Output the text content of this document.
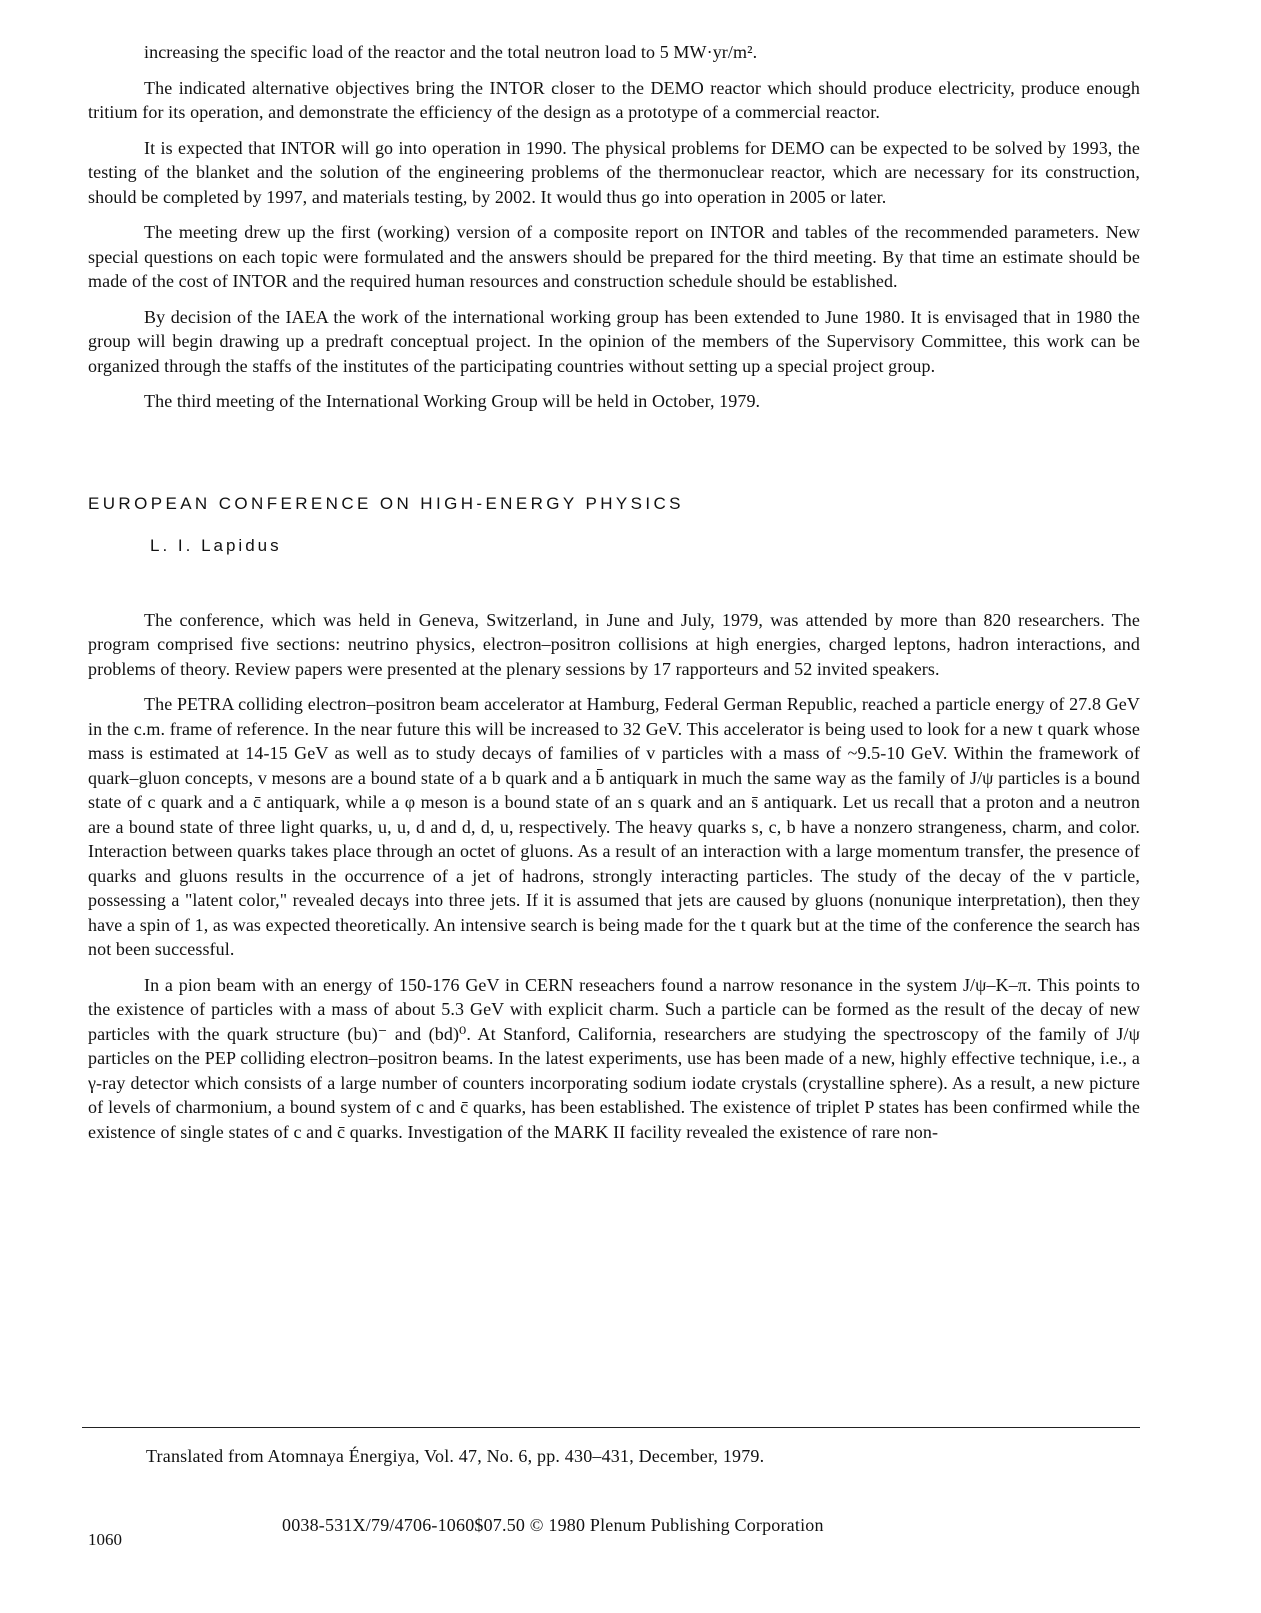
increasing the specific load of the reactor and the total neutron load to 5 MW·yr/m².

The indicated alternative objectives bring the INTOR closer to the DEMO reactor which should produce electricity, produce enough tritium for its operation, and demonstrate the efficiency of the design as a prototype of a commercial reactor.

It is expected that INTOR will go into operation in 1990. The physical problems for DEMO can be expected to be solved by 1993, the testing of the blanket and the solution of the engineering problems of the thermonuclear reactor, which are necessary for its construction, should be completed by 1997, and materials testing, by 2002. It would thus go into operation in 2005 or later.

The meeting drew up the first (working) version of a composite report on INTOR and tables of the recommended parameters. New special questions on each topic were formulated and the answers should be prepared for the third meeting. By that time an estimate should be made of the cost of INTOR and the required human resources and construction schedule should be established.

By decision of the IAEA the work of the international working group has been extended to June 1980. It is envisaged that in 1980 the group will begin drawing up a predraft conceptual project. In the opinion of the members of the Supervisory Committee, this work can be organized through the staffs of the institutes of the participating countries without setting up a special project group.

The third meeting of the International Working Group will be held in October, 1979.

EUROPEAN CONFERENCE ON HIGH-ENERGY PHYSICS
L. I. Lapidus

The conference, which was held in Geneva, Switzerland, in June and July, 1979, was attended by more than 820 researchers. The program comprised five sections: neutrino physics, electron–positron collisions at high energies, charged leptons, hadron interactions, and problems of theory. Review papers were presented at the plenary sessions by 17 rapporteurs and 52 invited speakers.

The PETRA colliding electron–positron beam accelerator at Hamburg, Federal German Republic, reached a particle energy of 27.8 GeV in the c.m. frame of reference. In the near future this will be increased to 32 GeV. This accelerator is being used to look for a new t quark whose mass is estimated at 14-15 GeV as well as to study decays of families of v particles with a mass of ~9.5-10 GeV. Within the framework of quark–gluon concepts, v mesons are a bound state of a b quark and a b̄ antiquark in much the same way as the family of J/ψ particles is a bound state of c quark and a c̄ antiquark, while a φ meson is a bound state of an s quark and an s̄ antiquark. Let us recall that a proton and a neutron are a bound state of three light quarks, u, u, d and d, d, u, respectively. The heavy quarks s, c, b have a nonzero strangeness, charm, and color. Interaction between quarks takes place through an octet of gluons. As a result of an interaction with a large momentum transfer, the presence of quarks and gluons results in the occurrence of a jet of hadrons, strongly interacting particles. The study of the decay of the v particle, possessing a "latent color," revealed decays into three jets. If it is assumed that jets are caused by gluons (nonunique interpretation), then they have a spin of 1, as was expected theoretically. An intensive search is being made for the t quark but at the time of the conference the search has not been successful.

In a pion beam with an energy of 150-176 GeV in CERN reseachers found a narrow resonance in the system J/ψ–K–π. This points to the existence of particles with a mass of about 5.3 GeV with explicit charm. Such a particle can be formed as the result of the decay of new particles with the quark structure (bu)⁻ and (bd)⁰. At Stanford, California, researchers are studying the spectroscopy of the family of J/ψ particles on the PEP colliding electron–positron beams. In the latest experiments, use has been made of a new, highly effective technique, i.e., a γ-ray detector which consists of a large number of counters incorporating sodium iodate crystals (crystalline sphere). As a result, a new picture of levels of charmonium, a bound system of c and c̄ quarks, has been established. The existence of triplet P states has been confirmed while the existence of single states of c and c̄ quarks. Investigation of the MARK II facility revealed the existence of rare non-

Translated from Atomnaya Énergiya, Vol. 47, No. 6, pp. 430–431, December, 1979.
1060
0038-531X/79/4706-1060$07.50 © 1980 Plenum Publishing Corporation
